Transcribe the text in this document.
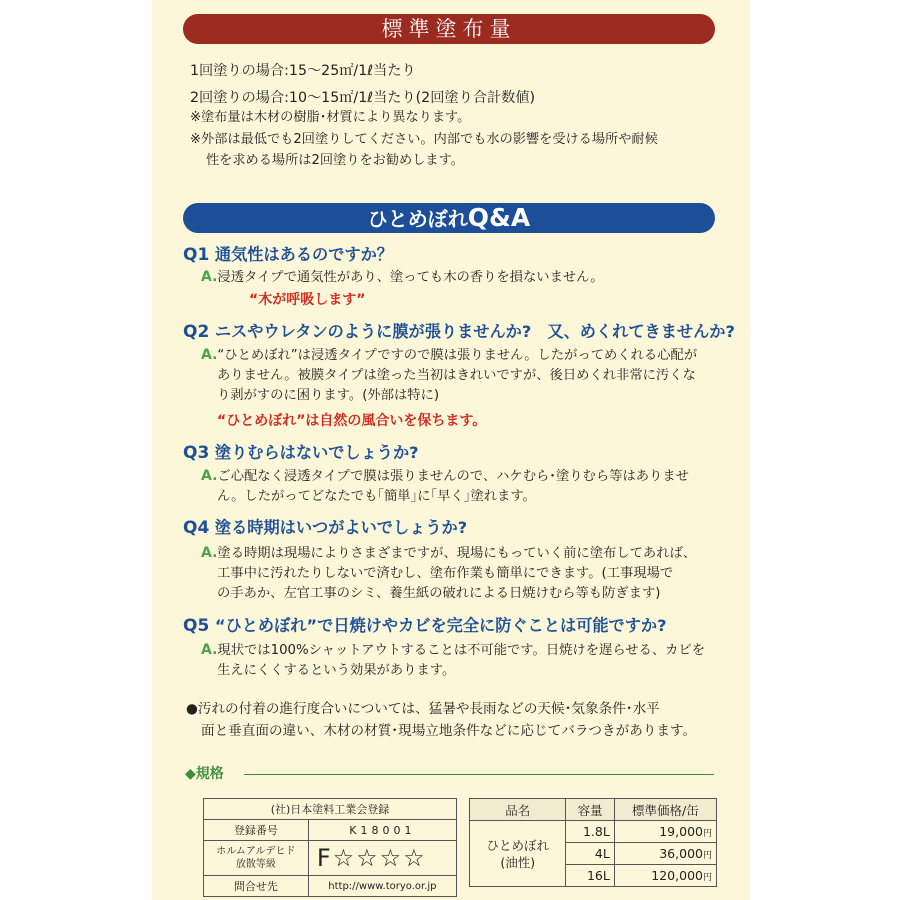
標準塗布量
1回塗りの場合:15～25㎡/1ℓ当たり
2回塗りの場合:10～15㎡/1ℓ当たり(2回塗り合計数値)
※塗布量は木材の樹脂･材質により異なります。
※外部は最低でも2回塗りしてください。内部でも水の影響を受ける場所や耐候
性を求める場所は2回塗りをお勧めします。
ひとめぼれQ&A
Q1 通気性はあるのですか？
A.浸透タイプで通気性があり、塗っても木の香りを損ないません。
“木が呼吸します”
Q2 ニスやウレタンのように膜が張りませんか?　又、めくれてきませんか?
A.“ひとめぼれ”は浸透タイプですので膜は張りません。したがってめくれる心配が
ありません。被膜タイプは塗った当初はきれいですが、後日めくれ非常に汚くな
り剥がすのに困ります。(外部は特に)
“ひとめぼれ”は自然の風合いを保ちます。
Q3 塗りむらはないでしょうか?
A.ご心配なく浸透タイプで膜は張りませんので、ハケむら･塗りむら等はありませ
ん。したがってどなたでも｢簡単｣に｢早く｣塗れます。
Q4 塗る時期はいつがよいでしょうか?
A.塗る時期は現場によりさまざまですが、現場にもっていく前に塗布してあれば、
工事中に汚れたりしないで済むし、塗布作業も簡単にできます。(工事現場で
の手あか、左官工事のシミ、養生紙の破れによる日焼けむら等も防ぎます)
Q5 “ひとめぼれ”で日焼けやカビを完全に防ぐことは可能ですか?
A.現状では100%シャットアウトすることは不可能です。日焼けを遅らせる、カビを
生えにくくするという効果があります。
●汚れの付着の進行度合いについては、猛暑や長雨などの天候･気象条件･水平
面と垂直面の違い、木材の材質･現場立地条件などに応じてバラつきがあります。
◆規格
(社)日本塗料工業会登録	
登録番号	K18001

ホルムアルデヒド
放散等級	F☆☆☆☆
問合せ先	http://www.toryo.or.jp
品名	容量	標準価格/缶

ひとめぼれ
(油性)	1.8L	19,000円
	4L	36,000円
	16L	120,000円
